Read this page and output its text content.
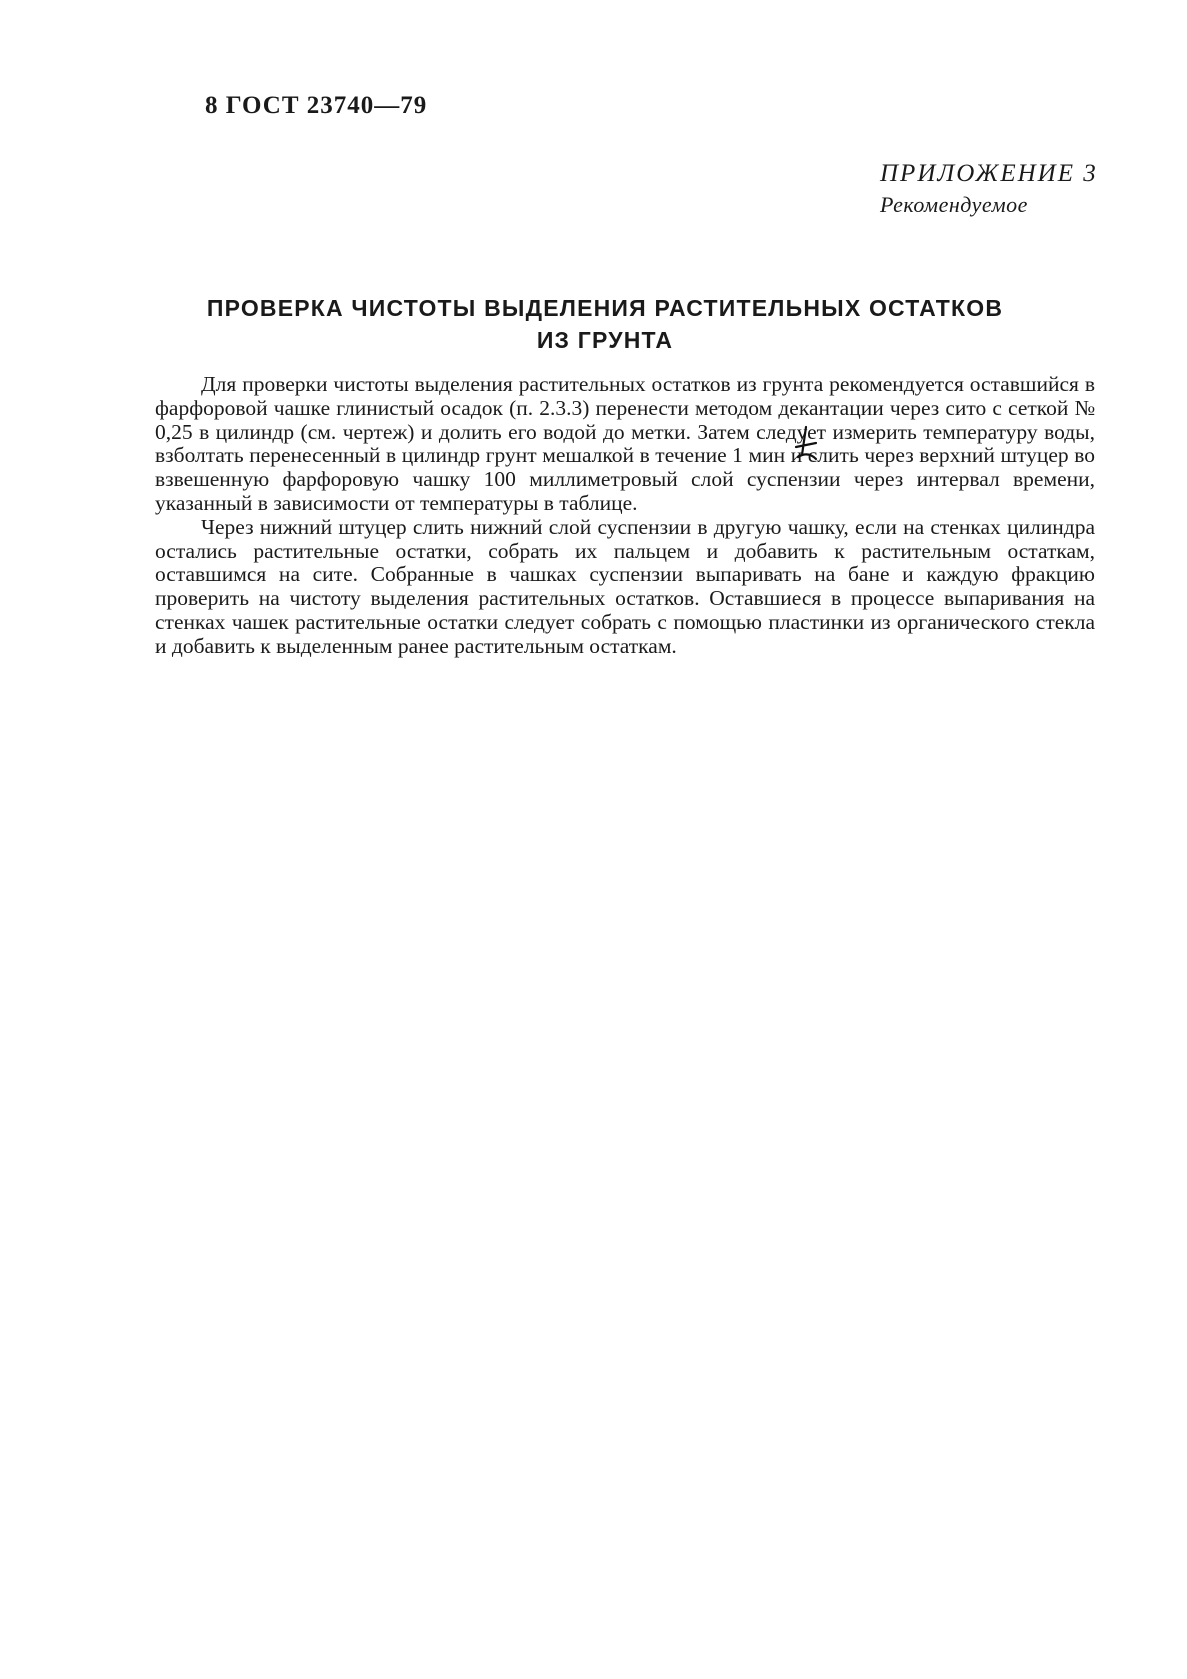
8 ГОСТ 23740—79
ПРИЛОЖЕНИЕ 3
Рекомендуемое
ПРОВЕРКА ЧИСТОТЫ ВЫДЕЛЕНИЯ РАСТИТЕЛЬНЫХ ОСТАТКОВ
ИЗ ГРУНТА

Для проверки чистоты выделения растительных остатков из грунта рекомендуется оставшийся в фарфоровой чашке глинистый осадок (п. 2.3.3) перенести методом декантации через сито с сеткой № 0,25 в цилиндр (см. чертеж) и долить его водой до метки. Затем следует измерить температуру воды, взболтать перенесенный в цилиндр грунт мешалкой в течение 1 мин и слить через верхний штуцер во взвешенную фарфоровую чашку 100 миллиметровый слой суспензии через интервал времени, указанный в зависимости от температуры в таблице.

Через нижний штуцер слить нижний слой суспензии в другую чашку, если на стенках цилиндра остались растительные остатки, собрать их пальцем и добавить к растительным остаткам, оставшимся на сите. Собранные в чашках суспензии выпаривать на бане и каждую фракцию проверить на чистоту выделения растительных остатков. Оставшиеся в процессе выпаривания на стенках чашек растительные остатки следует собрать с помощью пластинки из органического стекла и добавить к выделенным ранее растительным остаткам.
